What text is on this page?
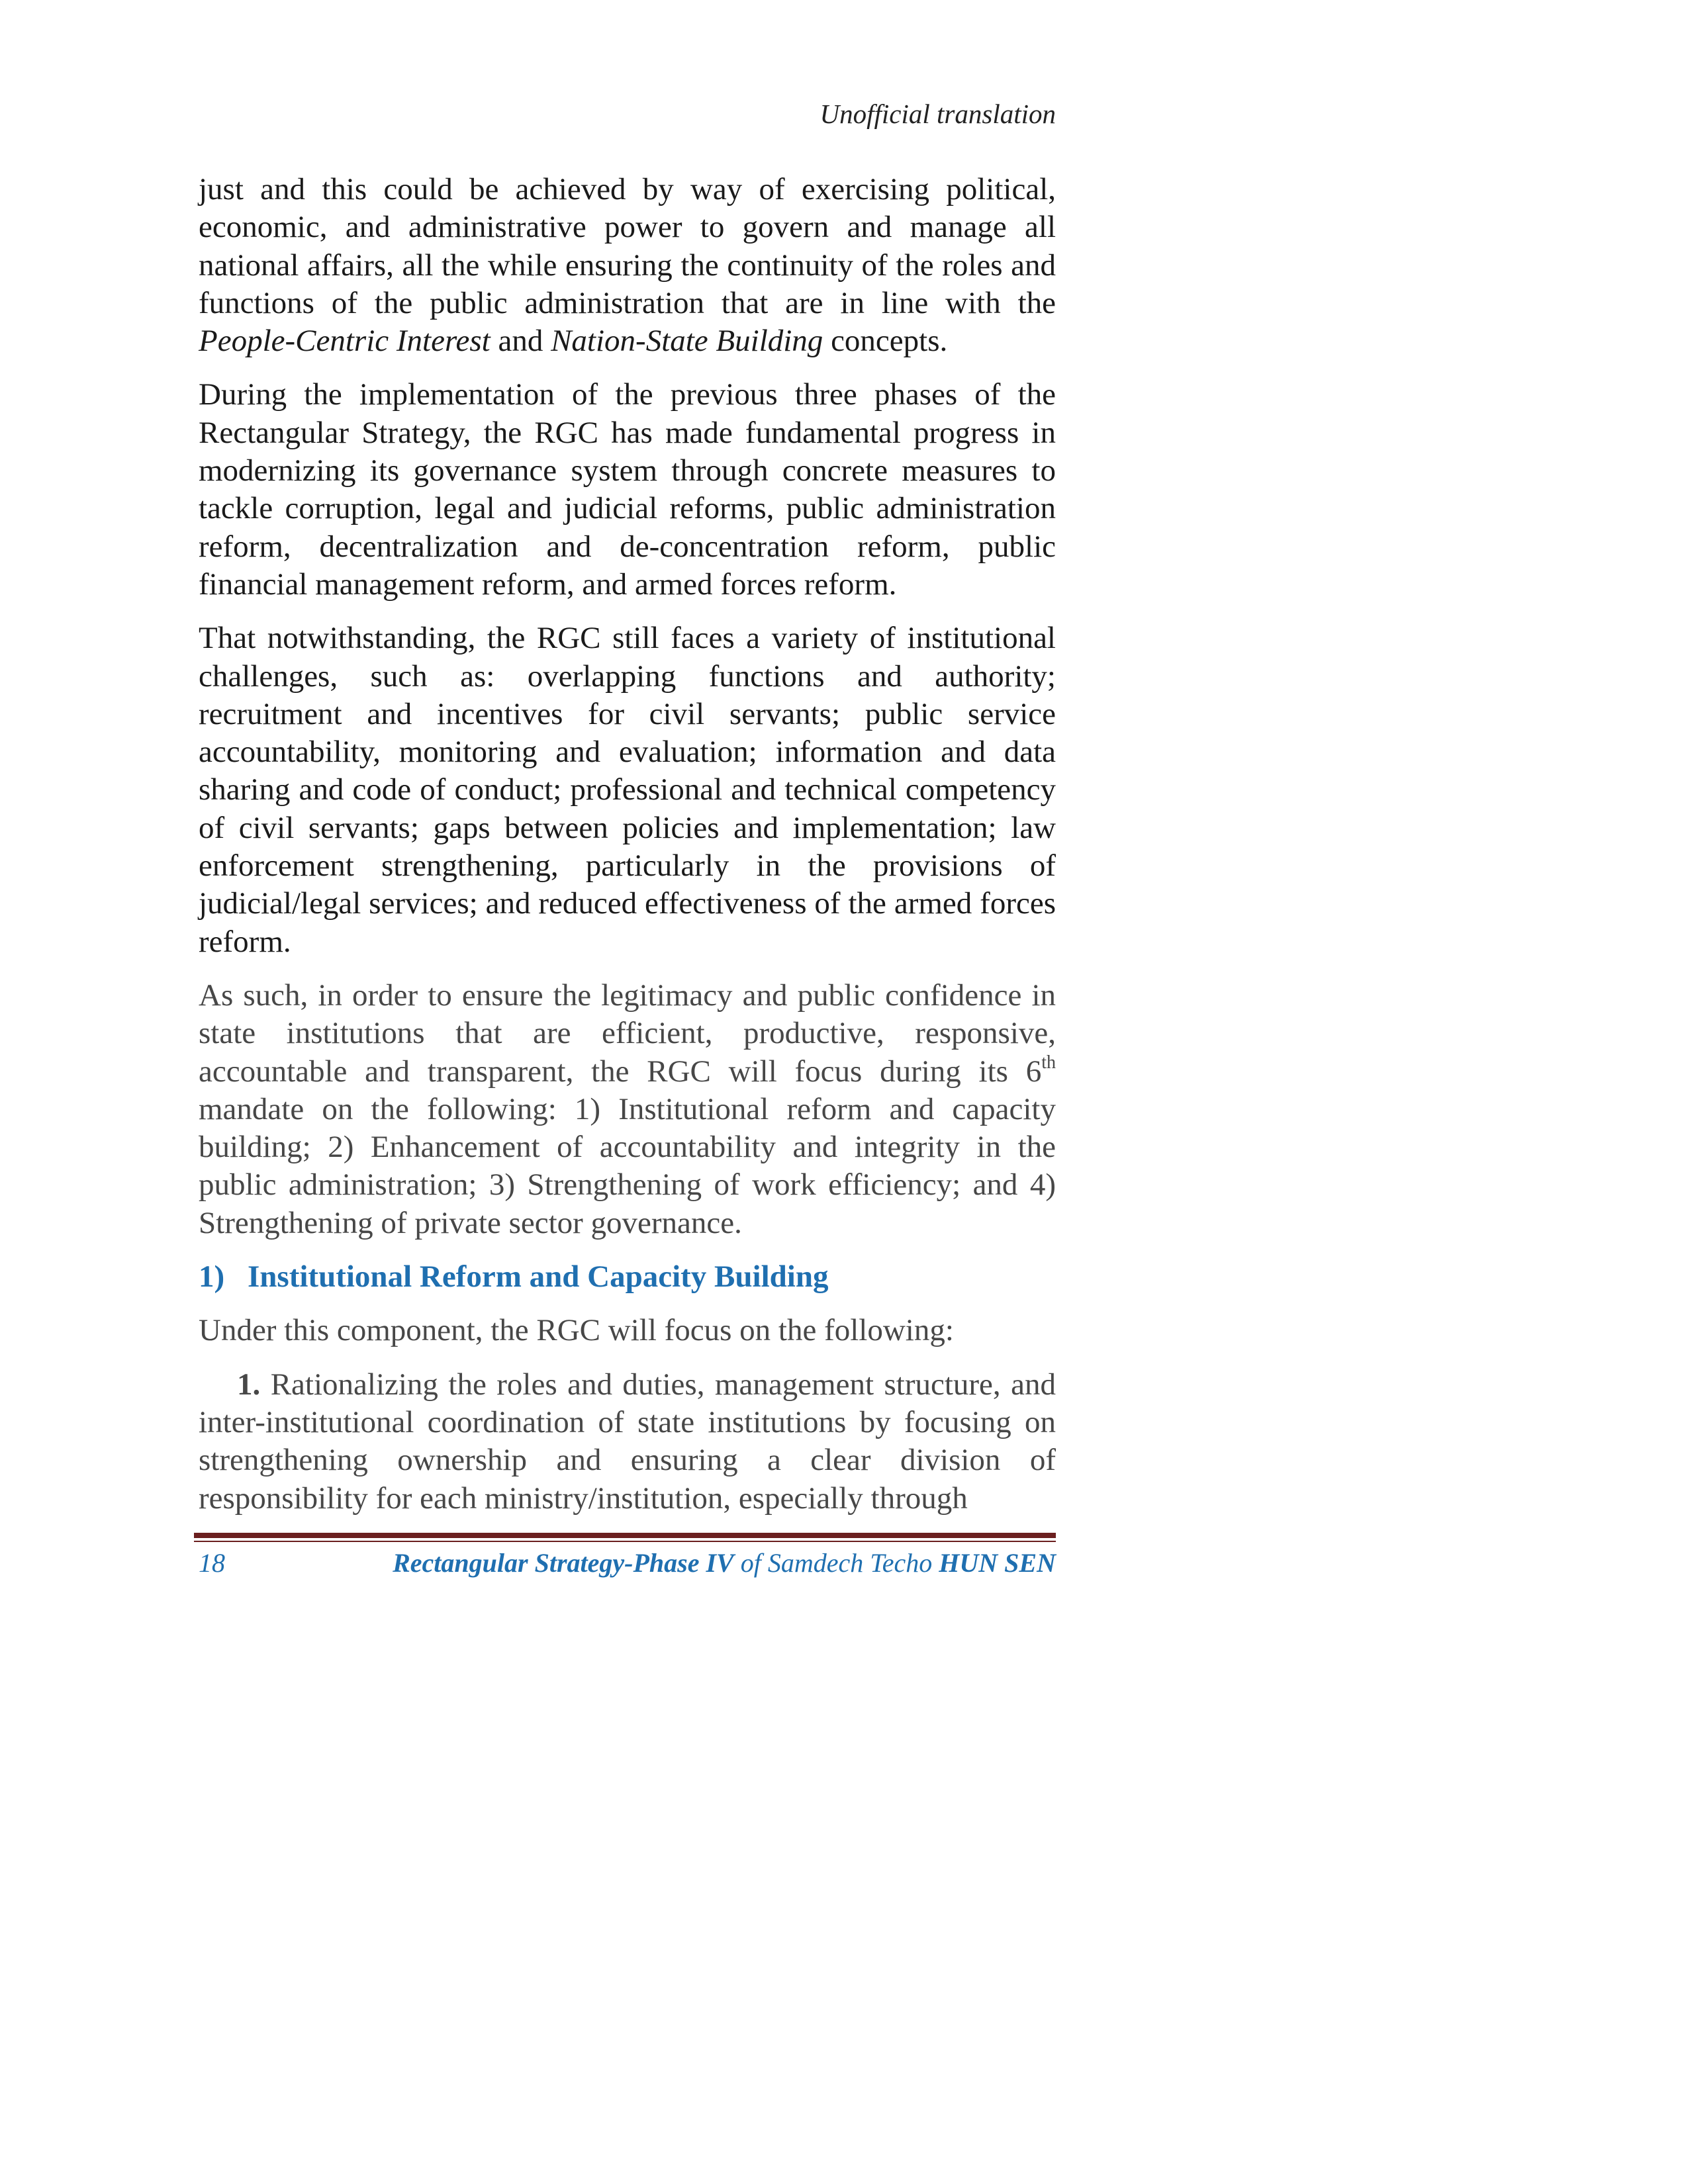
Unofficial translation

just and this could be achieved by way of exercising political, economic, and administrative power to govern and manage all national affairs, all the while ensuring the continuity of the roles and functions of the public administration that are in line with the People-Centric Interest and Nation-State Building concepts.

During the implementation of the previous three phases of the Rectangular Strategy, the RGC has made fundamental progress in modernizing its governance system through concrete measures to tackle corruption, legal and judicial reforms, public administration reform, decentralization and de-concentration reform, public financial management reform, and armed forces reform.

That notwithstanding, the RGC still faces a variety of institutional challenges, such as: overlapping functions and authority; recruitment and incentives for civil servants; public service accountability, monitoring and evaluation; information and data sharing and code of conduct; professional and technical competency of civil servants; gaps between policies and implementation; law enforcement strengthening, particularly in the provisions of judicial/legal services; and reduced effectiveness of the armed forces reform.

As such, in order to ensure the legitimacy and public confidence in state institutions that are efficient, productive, responsive, accountable and transparent, the RGC will focus during its 6th mandate on the following: 1) Institutional reform and capacity building; 2) Enhancement of accountability and integrity in the public administration; 3) Strengthening of work efficiency; and 4) Strengthening of private sector governance.

1) Institutional Reform and Capacity Building

Under this component, the RGC will focus on the following:

1. Rationalizing the roles and duties, management structure, and inter-institutional coordination of state institutions by focusing on strengthening ownership and ensuring a clear division of responsibility for each ministry/institution, especially through

18	Rectangular Strategy-Phase IV of Samdech Techo HUN SEN
